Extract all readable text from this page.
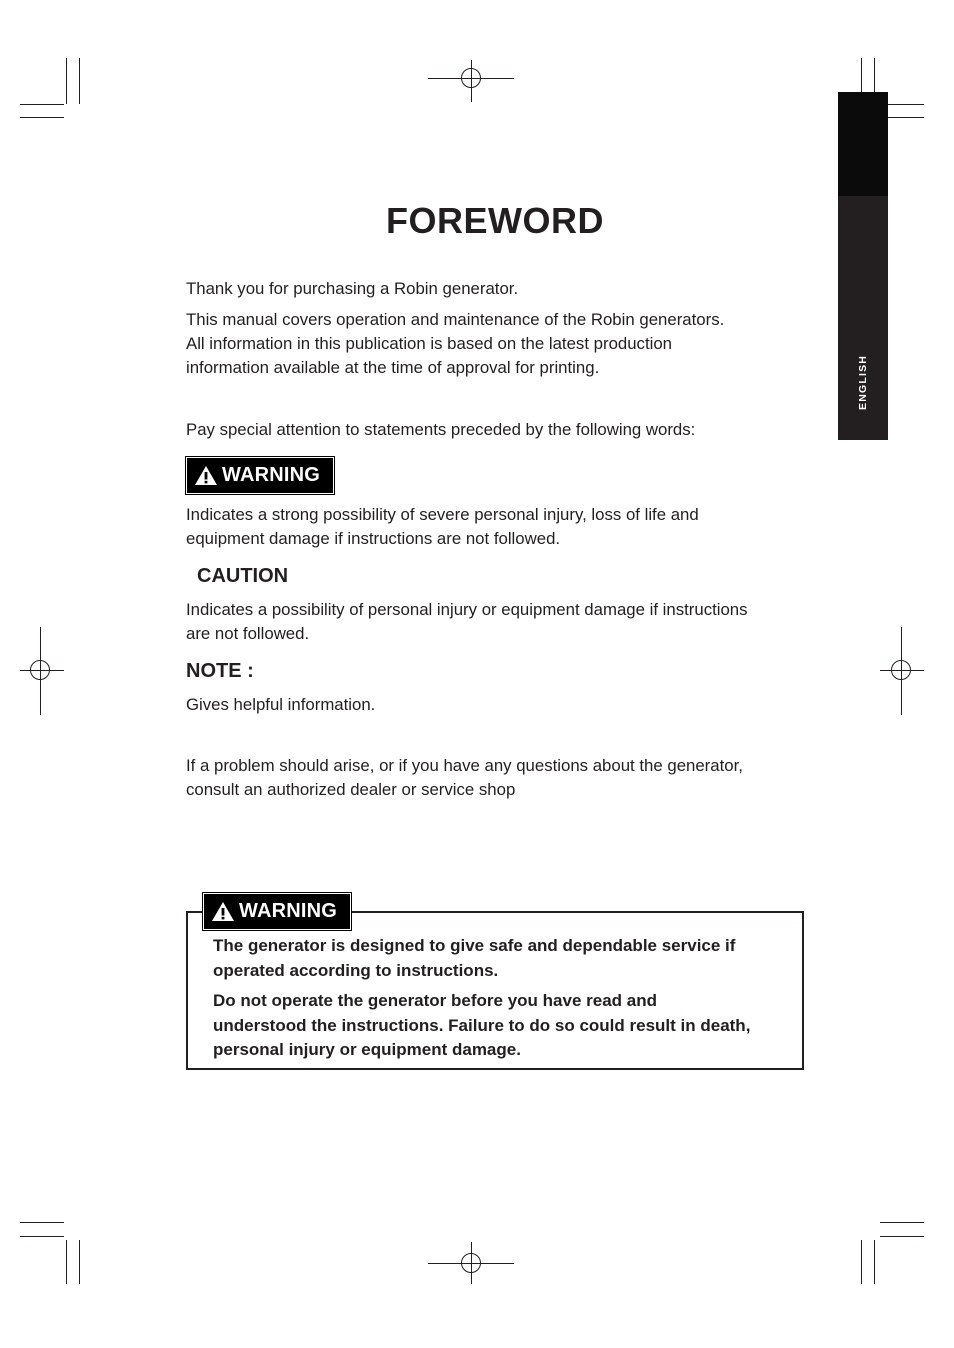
ENGLISH
FOREWORD
Thank you for purchasing a Robin generator.
This manual covers operation and maintenance of the Robin generators.
All information in this publication is based on the latest production
information available at the time of approval for printing.
Pay special attention to statements preceded by the following words:
WARNING
Indicates a strong possibility of severe personal injury, loss of life and
equipment damage if instructions are not followed.
CAUTION
Indicates a possibility of personal injury or equipment damage if instructions
are not followed.
NOTE :
Gives helpful information.
If a problem should arise, or if you have any questions about the generator,
consult an authorized dealer or service shop
WARNING
The generator is designed to give safe and dependable service if
operated according to instructions.
Do not operate the generator before you have read and
understood the instructions. Failure to do so could result in death,
personal injury or equipment damage.
